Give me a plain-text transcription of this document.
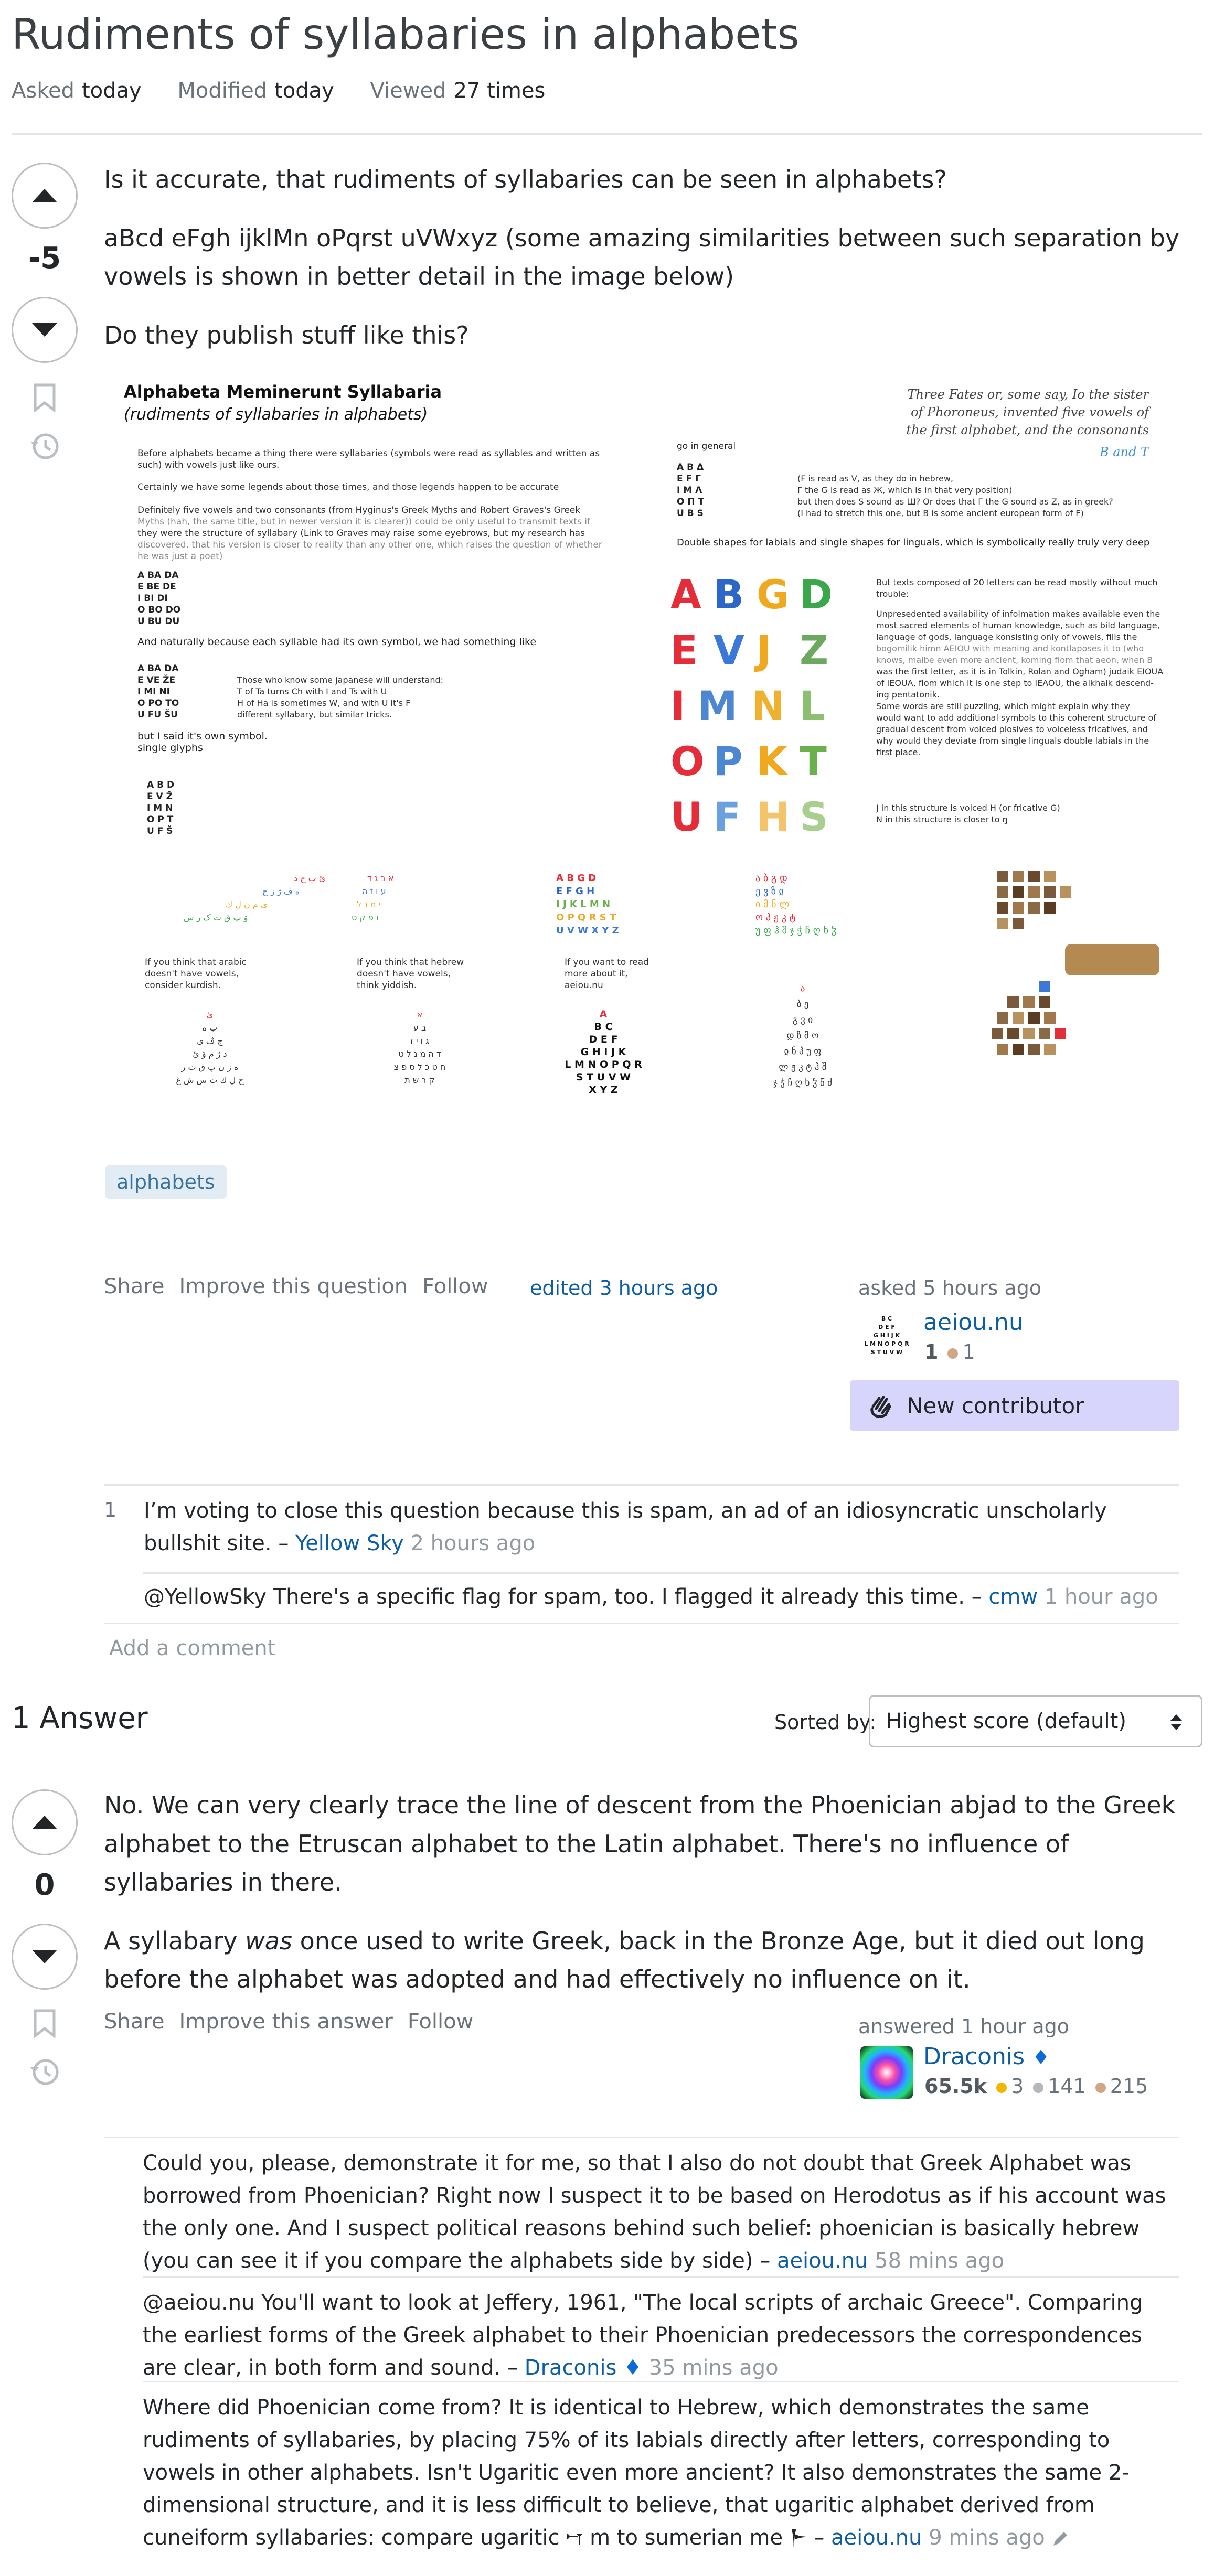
Rudiments of syllabaries in alphabets
Asked today Modified today Viewed 27 times
-5

Is it accurate, that rudiments of syllabaries can be seen in alphabets?

aBcd eFgh ijklMn oPqrst uVWxyz (some amazing similarities between such separation by vowels is shown in better detail in the image below)

Do they publish stuff like this?

Alphabeta Meminerunt Syllabaria
(rudiments of syllabaries in alphabets)
Before alphabets became a thing there were syllabaries (symbols were read as syllables and written as
such) with vowels just like ours.
Certainly we have some legends about those times, and those legends happen to be accurate
Definitely five vowels and two consonants (from Hyginus's Greek Myths and Robert Graves's Greek
Myths (hah, the same title, but in newer version it is clearer)) could be only useful to transmit texts if
they were the structure of syllabary (Link to Graves may raise some eyebrows, but my research has
discovered, that his version is closer to reality than any other one, which raises the question of whether
he was just a poet)
A BA DA
E BE DE
I BI DI
O BO DO
U BU DU
And naturally because each syllable had its own symbol, we had something like
A BA DA
E VE ŽE
I MI NI
O PO TO
U FU ŠU
Those who know some japanese will understand:
T of Ta turns Ch with I and Ts with U
H of Ha is sometimes W, and with U it's F
different syllabary, but similar tricks.
but I said it's own symbol.
single glyphs
A B D
E V Ž
I M N
O P T
U F Š
Three Fates or, some say, Io the sister
of Phoroneus, invented five vowels of
the first alphabet, and the consonants
B and T
go in general
A B Δ
E F Γ
I M Λ
O Π T
U B S
(F is read as V, as they do in hebrew,
Γ the G is read as Ж, which is in that very position)
but then does S sound as Ш? Or does that Γ the G sound as Z, as in greek?
(I had to stretch this one, but B is some ancient european form of F)
Double shapes for labials and single shapes for linguals, which is symbolically really truly very deep
A B G D
E V J Z
I M N L
O P K T
U F H S
But texts composed of 20 letters can be read mostly without much
trouble:
Unpresedented availability of infolmation makes available even the
most sacred elements of human knowledge, such as bild language,
language of gods, language konsisting only of vowels, fills the
bogomilik himn AEIOU with meaning and kontlaposes it to (who
knows, maibe even more ancient, koming flom that aeon, when B
was the first letter, as it is in Tolkin, Rolan and Ogham) judaik EIOUA
of IEOUA, flom which it is one step to IEAOU, the alkhaik descend-
ing pentatonik.
Some words are still puzzling, which might explain why they
would want to add additional symbols to this coherent structure of
gradual descent from voiced plosives to voiceless fricatives, and
why would they deviate from single linguals double labials in the
first place.
J in this structure is voiced H (or fricative G)
N in this structure is closer to ŋ
ئ ب ج د
ە ڤ ژ ز ح
ی م ن ل ك
ۆ پ ق ت ک ر س
א ב ג ד
ע ו ז ה
י מ נ ל
ו פ ק ט
A B G D
E F G H
I J K L M N
O P Q R S T
U V W X Y Z
ა ბ გ დ
ე ვ ზ ჲ
ი მ ნ ლ
ო პ ჟ კ ტ
უ ფ ჰ შ ჯ ჭ ჩ ღ ხ ჴ
If you think that arabic
doesn't have vowels,
consider kurdish.
If you think that hebrew
doesn't have vowels,
think yiddish.
If you want to read
more about it,
aeiou.nu
ئ
ب ە
ج ڤ ی
د ژ م ۆ ئ
ه ز ن پ ق ت ر
ح ل ك ت س ش غ
א
ב ע
ג ו י ז
ד ה מ נ ל ט
ח ט כ ל ס פ צ
ק ר ש ת
A
B C
D E F
G H I J K
L M N O P Q R
S T U V W
X Y Z
ა
ბ ე
გ ვ ი
დ ზ მ ო
ჲ ნ პ უ ფ
ლ ჟ კ ტ ჰ შ
ჯ ჭ ჩ ღ ხ ჴ წ ძ
alphabets
Share Improve this question Follow	edited 3 hours ago	asked 5 hours ago
B C
D E F
G H I J K
L M N O P Q R
S T U V W
aeiou.nu
1 1
New contributor
1	I’m voting to close this question because this is spam, an ad of an idiosyncratic unscholarly bullshit site. – Yellow Sky 2 hours ago
@YellowSky There's a specific flag for spam, too. I flagged it already this time. – cmw 1 hour ago
Add a comment
1 Answer	Sorted by: Highest score (default)
0

No. We can very clearly trace the line of descent from the Phoenician abjad to the Greek alphabet to the Etruscan alphabet to the Latin alphabet. There's no influence of syllabaries in there.

A syllabary was once used to write Greek, back in the Bronze Age, but it died out long before the alphabet was adopted and had effectively no influence on it.

Share Improve this answer Follow	answered 1 hour ago
Draconis ♦
65.5k 3 141 215
Could you, please, demonstrate it for me, so that I also do not doubt that Greek Alphabet was borrowed from Phoenician? Right now I suspect it to be based on Herodotus as if his account was the only one. And I suspect political reasons behind such belief: phoenician is basically hebrew (you can see it if you compare the alphabets side by side) – aeiou.nu 58 mins ago
@aeiou.nu You'll want to look at Jeffery, 1961, "The local scripts of archaic Greece". Comparing the earliest forms of the Greek alphabet to their Phoenician predecessors the correspondences are clear, in both form and sound. – Draconis ♦ 35 mins ago
Where did Phoenician come from? It is identical to Hebrew, which demonstrates the same rudiments of syllabaries, by placing 75% of its labials directly after letters, corresponding to vowels in other alphabets. Isn't Ugaritic even more ancient? It also demonstrates the same 2-dimensional structure, and it is less difficult to believe, that ugaritic alphabet derived from cuneiform syllabaries: compare ugaritic 𐎎 m to sumerian me 𒈨 – aeiou.nu 9 mins ago
